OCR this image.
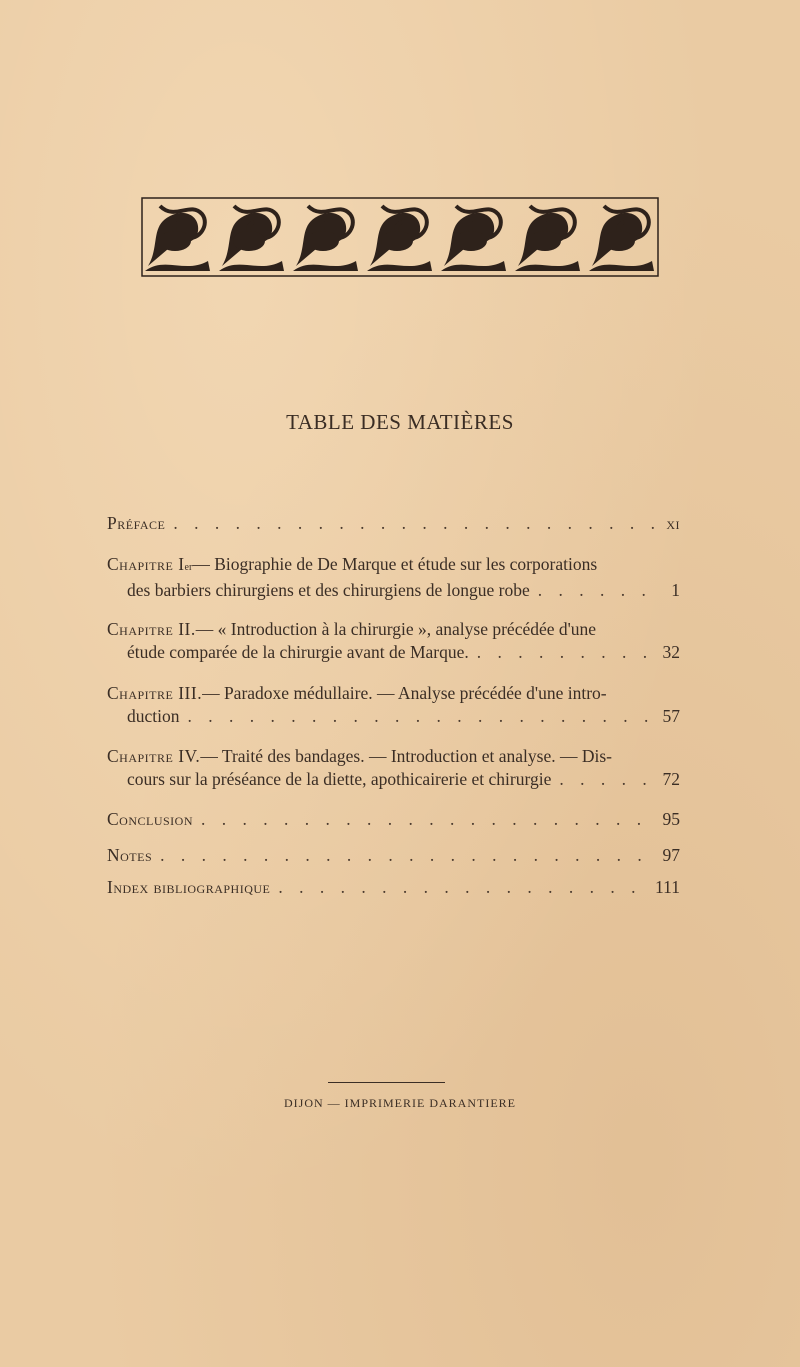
TABLE DES MATIÈRES
Préface . . .	xi
Chapitre I er — Biographie de De Marque et étude sur les corporations
des barbiers chirurgiens et des chirurgiens de longue robe . . .	1
Chapitre II. — « Introduction à la chirurgie », analyse précédée d'une
étude comparée de la chirurgie avant de Marque. . . .	32
Chapitre III. — Paradoxe médullaire. — Analyse précédée d'une intro-
duction . . .	57
Chapitre IV. — Traité des bandages. — Introduction et analyse. — Dis-
cours sur la préséance de la diette, apothicairerie et chirurgie . . .	72
Conclusion . . .	95
Notes . . .	97
Index bibliographique . . .	111
DIJON — IMPRIMERIE DARANTIERE
